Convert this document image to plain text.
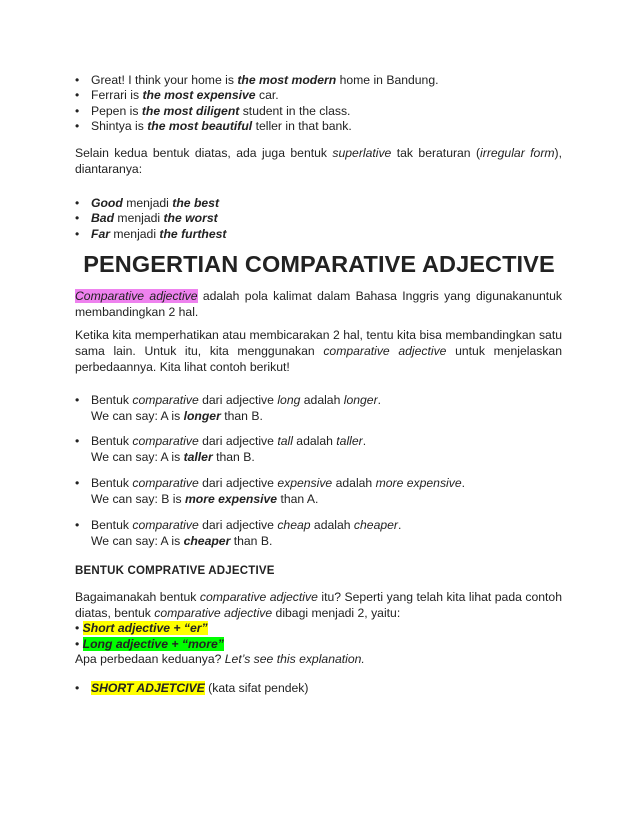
• Great! I think your home is the most modern home in Bandung.
• Ferrari is the most expensive car.
• Pepen is the most diligent student in the class.
• Shintya is the most beautiful teller in that bank.
Selain kedua bentuk diatas, ada juga bentuk superlative tak beraturan (irregular form), diantaranya:
• Good menjadi the best
• Bad menjadi the worst
• Far menjadi the furthest
PENGERTIAN COMPARATIVE ADJECTIVE
Comparative adjective adalah pola kalimat dalam Bahasa Inggris yang digunakanuntuk membandingkan 2 hal.
Ketika kita memperhatikan atau membicarakan 2 hal, tentu kita bisa membandingkan satu sama lain. Untuk itu, kita menggunakan comparative adjective untuk menjelaskan perbedaannya. Kita lihat contoh berikut!
• Bentuk comparative dari adjective long adalah longer.
We can say: A is longer than B.
• Bentuk comparative dari adjective tall adalah taller.
We can say: A is taller than B.
• Bentuk comparative dari adjective expensive adalah more expensive.
We can say: B is more expensive than A.
• Bentuk comparative dari adjective cheap adalah cheaper.
We can say: A is cheaper than B.
BENTUK COMPRATIVE ADJECTIVE
Bagaimanakah bentuk comparative adjective itu? Seperti yang telah kita lihat pada contoh diatas, bentuk comparative adjective dibagi menjadi 2, yaitu:
• Short adjective + “er”
• Long adjective + “more”
Apa perbedaan keduanya? Let’s see this explanation.
• SHORT ADJETCIVE (kata sifat pendek)
